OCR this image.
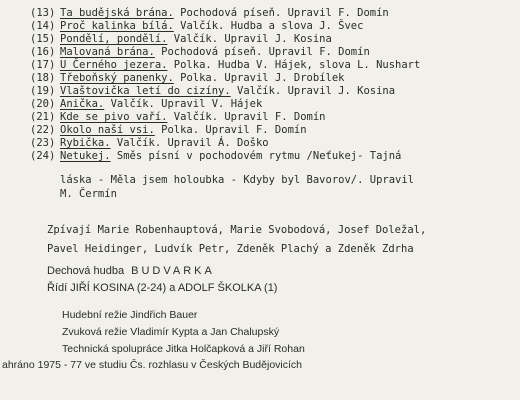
(13) Ta budějská brána. Pochodová píseň. Upravil F. Domín
(14) Proč kalinka bílá. Valčík. Hudba a slova J. Švec
(15) Pondělí, pondělí. Valčík. Upravil J. Kosina
(16) Malovaná brána. Pochodová píseň. Upravil F. Domín
(17) U Černého jezera. Polka. Hudba V. Hájek, slova L. Nushart
(18) Třeboňský panenky. Polka. Upravil J. Drobílek
(19) Vlaštovička letí do cizíny. Valčík. Upravil J. Kosina
(20) Anička. Valčík. Upravil V. Hájek
(21) Kde se pivo vaří. Valčík. Upravil F. Domín
(22) Okolo naší vsi. Polka. Upravil F. Domín
(23) Rybička. Valčík. Upravil Á. Doško
(24) Netukej. Směs písní v pochodovém rytmu /Neťukej- Tajná
láska - Měla jsem holoubka - Kdyby byl Bavorov/. Upravil
M. Čermín
Zpívají Marie Robenhauptová, Marie Svobodová, Josef Doležal,
Pavel Heidinger, Ludvík Petr, Zdeněk Plachý a Zdeněk Zdrha
Dechová hudba BUDVARKA
Řídí JIŘÍ KOSINA (2-24) a ADOLF ŠKOLKA (1)
Hudební režie Jindřich Bauer
Zvuková režie Vladimír Kypta a Jan Chalupský
Technická spolupráce Jitka Holčapková a Jiří Rohan
ahráno 1975 - 77 ve studiu Čs. rozhlasu v Českých Budějovicích
